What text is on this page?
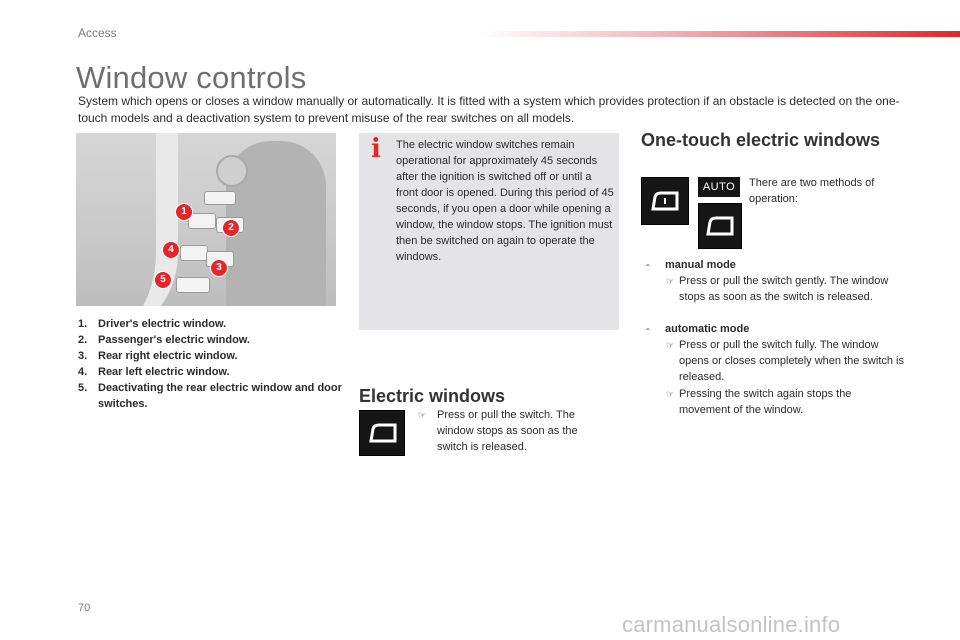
Access
Window controls
System which opens or closes a window manually or automatically. It is fitted with a system which provides protection if an obstacle is detected on the one-touch models and a deactivation system to prevent misuse of the rear switches on all models.
1
2
3
4
5
1. Driver's electric window.
2. Passenger's electric window.
3. Rear right electric window.
4. Rear left electric window.
5. Deactivating the rear electric window and door switches.
i	The electric window switches remain operational for approximately 45 seconds after the ignition is switched off or until a front door is opened. During this period of 45 seconds, if you open a door while opening a window, the window stops. The ignition must then be switched on again to operate the windows.
Electric windows
☞ Press or pull the switch. The window stops as soon as the switch is released.
One-touch electric windows
AUTO	There are two methods of operation:
- manual mode
☞ Press or pull the switch gently. The window stops as soon as the switch is released.
- automatic mode
☞ Press or pull the switch fully. The window opens or closes completely when the switch is released.
☞ Pressing the switch again stops the movement of the window.
70
carmanualsonline.info
